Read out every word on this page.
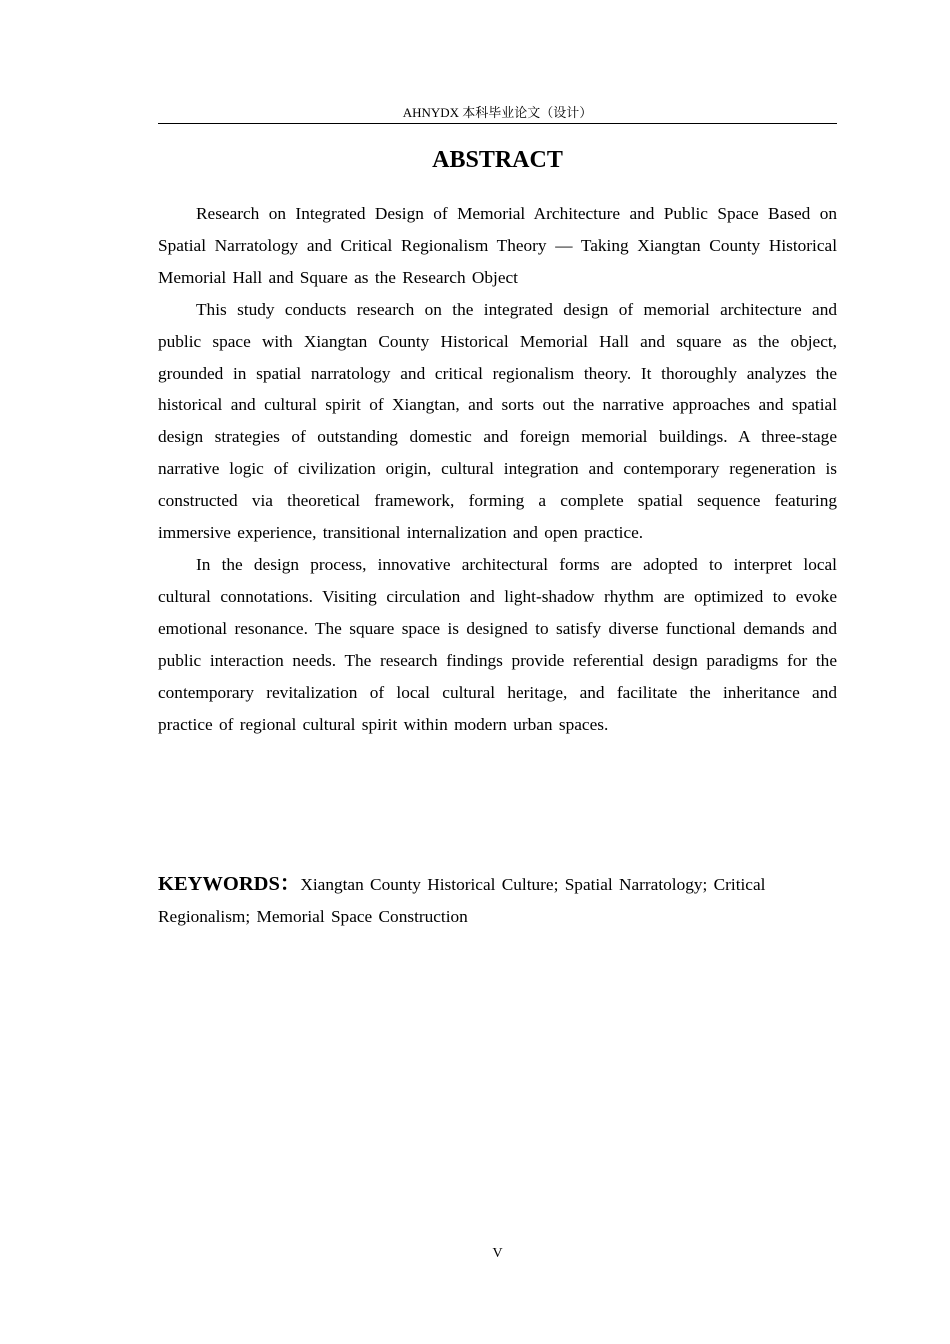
AHNYDX 本科毕业论文（设计）
ABSTRACT

Research on Integrated Design of Memorial Architecture and Public Space Based on Spatial Narratology and Critical Regionalism Theory — Taking Xiangtan County Historical Memorial Hall and Square as the Research Object

This study conducts research on the integrated design of memorial architecture and public space with Xiangtan County Historical Memorial Hall and square as the object, grounded in spatial narratology and critical regionalism theory. It thoroughly analyzes the historical and cultural spirit of Xiangtan, and sorts out the narrative approaches and spatial design strategies of outstanding domestic and foreign memorial buildings. A three-stage narrative logic of civilization origin, cultural integration and contemporary regeneration is constructed via theoretical framework, forming a complete spatial sequence featuring immersive experience, transitional internalization and open practice.

In the design process, innovative architectural forms are adopted to interpret local cultural connotations. Visiting circulation and light-shadow rhythm are optimized to evoke emotional resonance. The square space is designed to satisfy diverse functional demands and public interaction needs. The research findings provide referential design paradigms for the contemporary revitalization of local cultural heritage, and facilitate the inheritance and practice of regional cultural spirit within modern urban spaces.

KEYWORDS：Xiangtan County Historical Culture; Spatial Narratology; Critical Regionalism; Memorial Space Construction
V
